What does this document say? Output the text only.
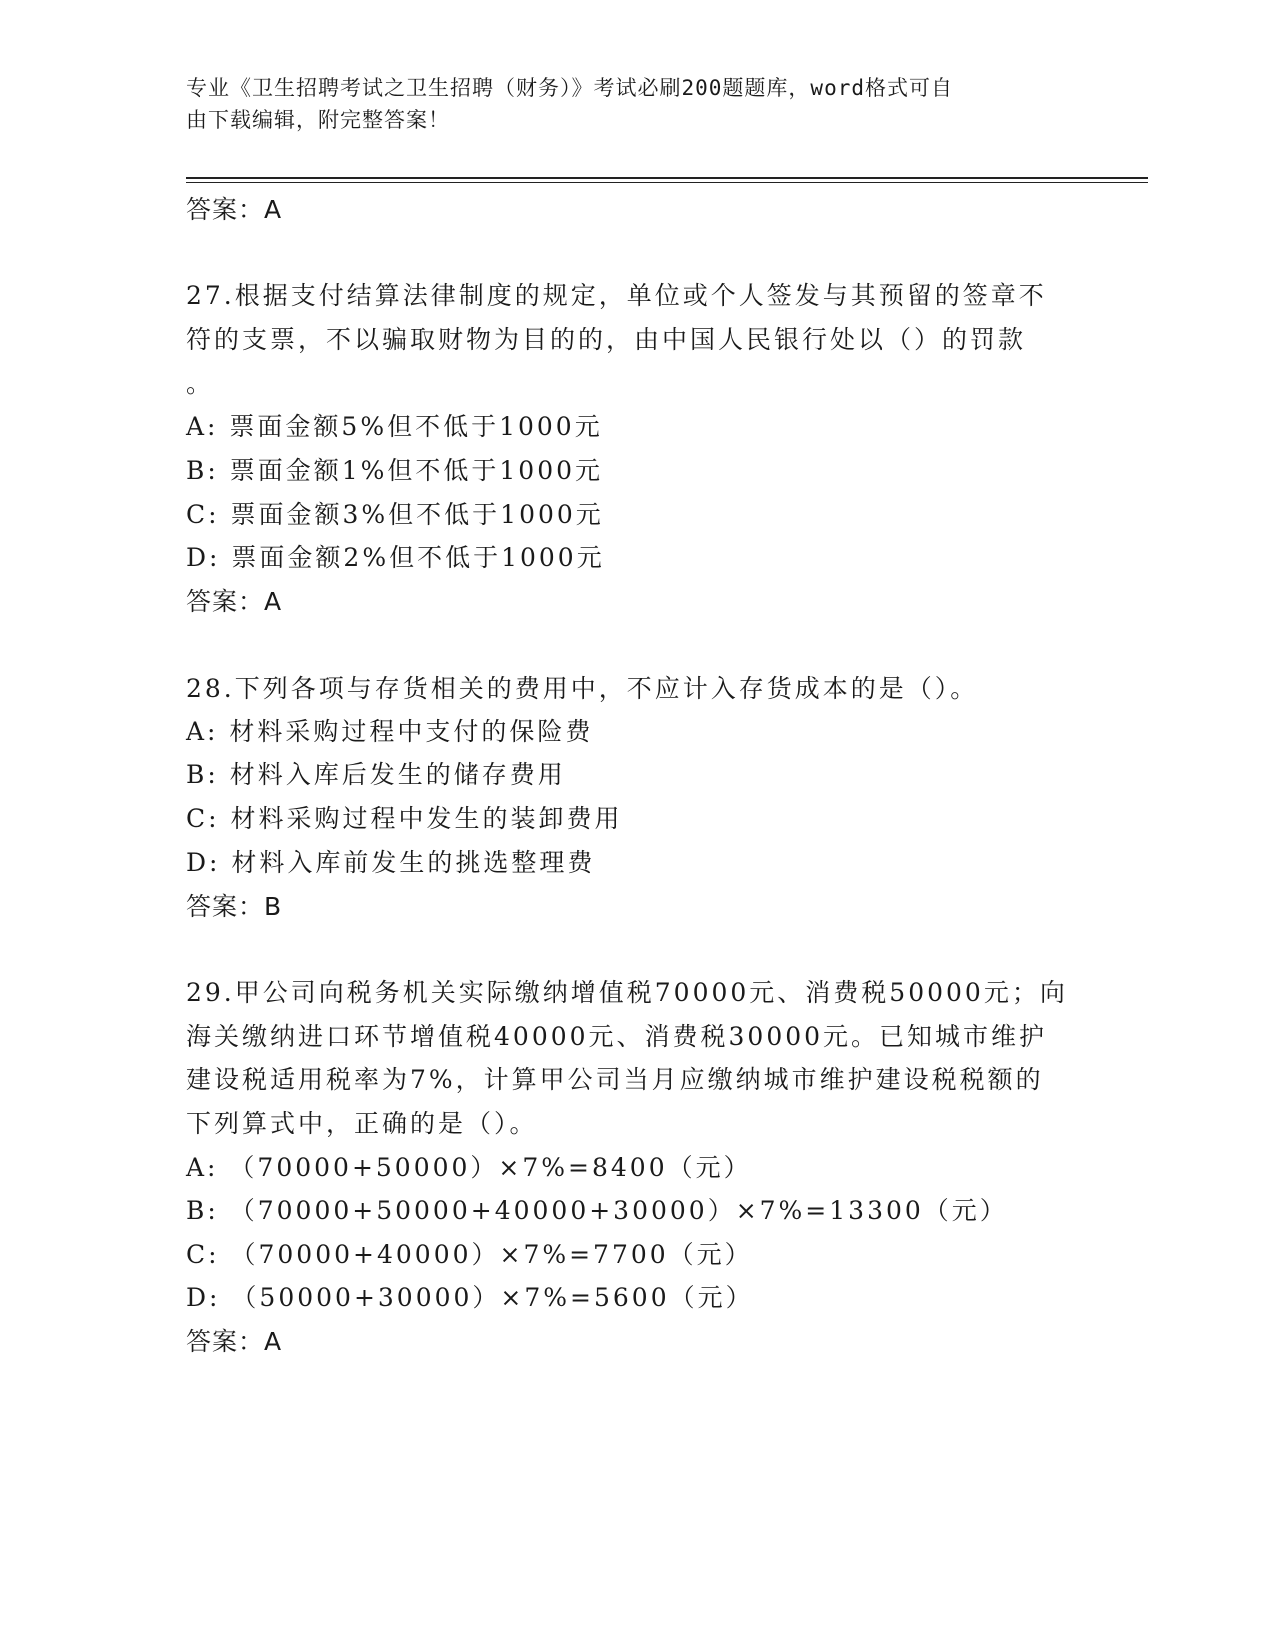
专业《卫生招聘考试之卫生招聘（财务）》考试必刷200题题库，word格式可自
由下载编辑，附完整答案！
答案：A
27.根据支付结算法律制度的规定，单位或个人签发与其预留的签章不
符的支票，不以骗取财物为目的的，由中国人民银行处以（）的罚款
。
A: 票面金额5%但不低于1000元
B: 票面金额1%但不低于1000元
C: 票面金额3%但不低于1000元
D: 票面金额2%但不低于1000元
答案：A
28.下列各项与存货相关的费用中，不应计入存货成本的是（）。
A: 材料采购过程中支付的保险费
B: 材料入库后发生的储存费用
C: 材料采购过程中发生的装卸费用
D: 材料入库前发生的挑选整理费
答案：B
29.甲公司向税务机关实际缴纳增值税70000元、消费税50000元；向
海关缴纳进口环节增值税40000元、消费税30000元。已知城市维护
建设税适用税率为7%，计算甲公司当月应缴纳城市维护建设税税额的
下列算式中，正确的是（）。
A: （70000+50000）×7%=8400（元）
B: （70000+50000+40000+30000）×7%=13300（元）
C: （70000+40000）×7%=7700（元）
D: （50000+30000）×7%=5600（元）
答案：A
